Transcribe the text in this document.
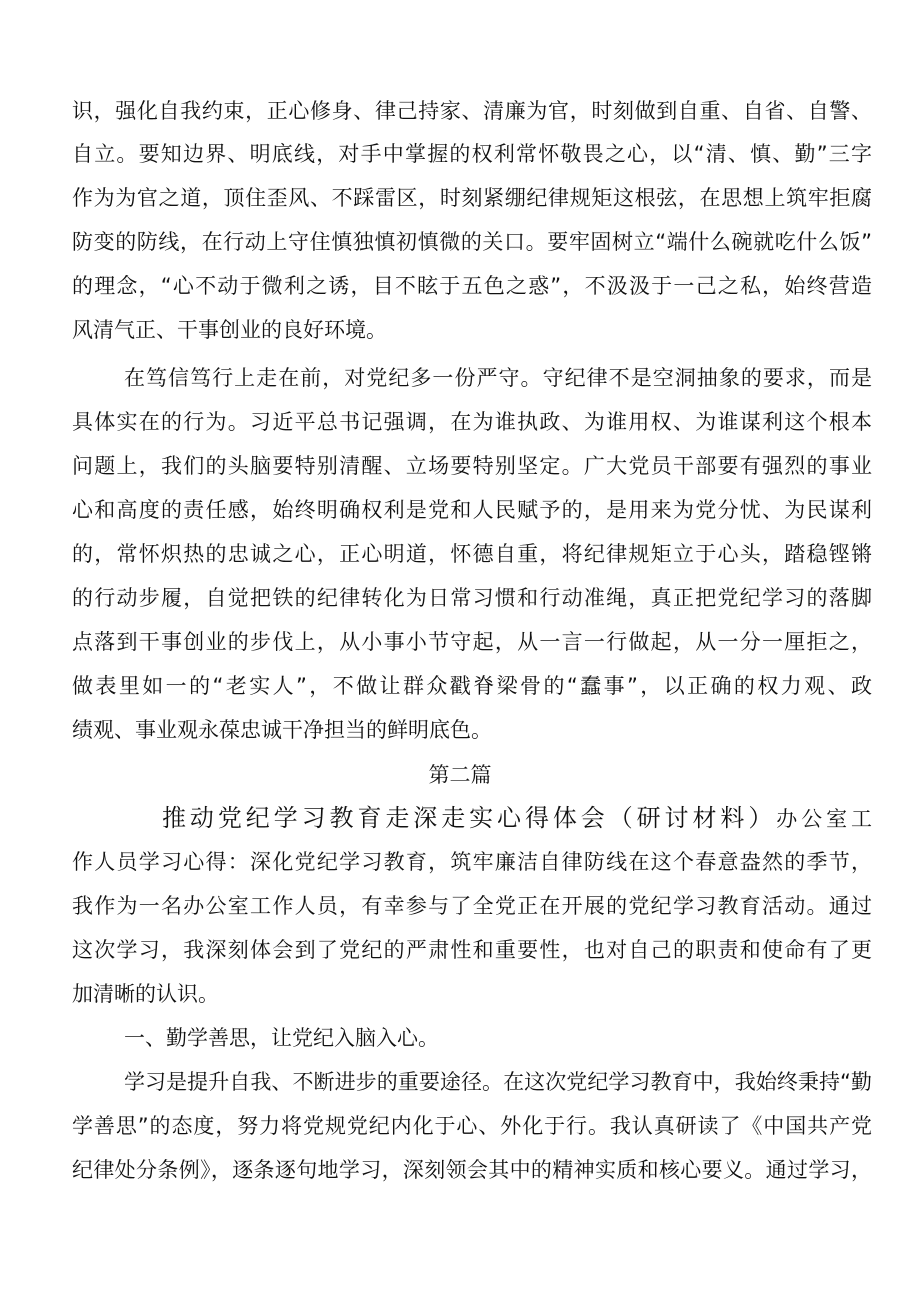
识，强化自我约束，正心修身、律己持家、清廉为官，时刻做到自重、自省、自警、
自立。要知边界、明底线，对手中掌握的权利常怀敬畏之心，以“清、慎、勤”三字
作为为官之道，顶住歪风、不踩雷区，时刻紧绷纪律规矩这根弦，在思想上筑牢拒腐
防变的防线，在行动上守住慎独慎初慎微的关口。要牢固树立“端什么碗就吃什么饭”
的理念，“心不动于微利之诱，目不眩于五色之惑”，不汲汲于一己之私，始终营造
风清气正、干事创业的良好环境。
在笃信笃行上走在前，对党纪多一份严守。守纪律不是空洞抽象的要求，而是
具体实在的行为。习近平总书记强调，在为谁执政、为谁用权、为谁谋利这个根本
问题上，我们的头脑要特别清醒、立场要特别坚定。广大党员干部要有强烈的事业
心和高度的责任感，始终明确权利是党和人民赋予的，是用来为党分忧、为民谋利
的，常怀炽热的忠诚之心，正心明道，怀德自重，将纪律规矩立于心头，踏稳铿锵
的行动步履，自觉把铁的纪律转化为日常习惯和行动准绳，真正把党纪学习的落脚
点落到干事创业的步伐上，从小事小节守起，从一言一行做起，从一分一厘拒之，
做表里如一的“老实人”，不做让群众戳脊梁骨的“蠢事”，以正确的权力观、政
绩观、事业观永葆忠诚干净担当的鲜明底色。
第二篇
推动党纪学习教育走深走实心得体会（研讨材料）办公室工
作人员学习心得：深化党纪学习教育，筑牢廉洁自律防线在这个春意盎然的季节，
我作为一名办公室工作人员，有幸参与了全党正在开展的党纪学习教育活动。通过
这次学习，我深刻体会到了党纪的严肃性和重要性，也对自己的职责和使命有了更
加清晰的认识。
一、勤学善思，让党纪入脑入心。
学习是提升自我、不断进步的重要途径。在这次党纪学习教育中，我始终秉持“勤
学善思”的态度，努力将党规党纪内化于心、外化于行。我认真研读了《中国共产党
纪律处分条例》，逐条逐句地学习，深刻领会其中的精神实质和核心要义。通过学习，
